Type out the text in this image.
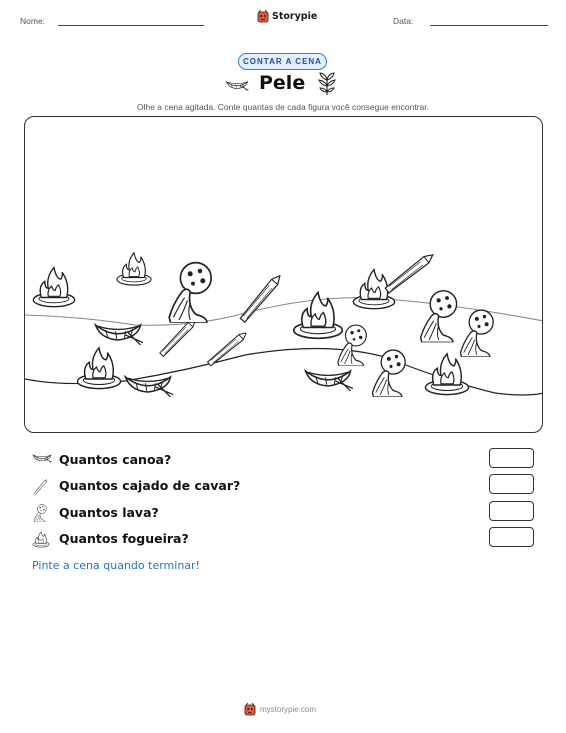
Nome:	Storypie	Data:
CONTAR A CENA
Pele
Olhe a cena agitada. Conte quantas de cada figura você consegue encontrar.
Quantos canoa?
Quantos cajado de cavar?
Quantos lava?
Quantos fogueira?
Pinte a cena quando terminar!
mystorypie.com
